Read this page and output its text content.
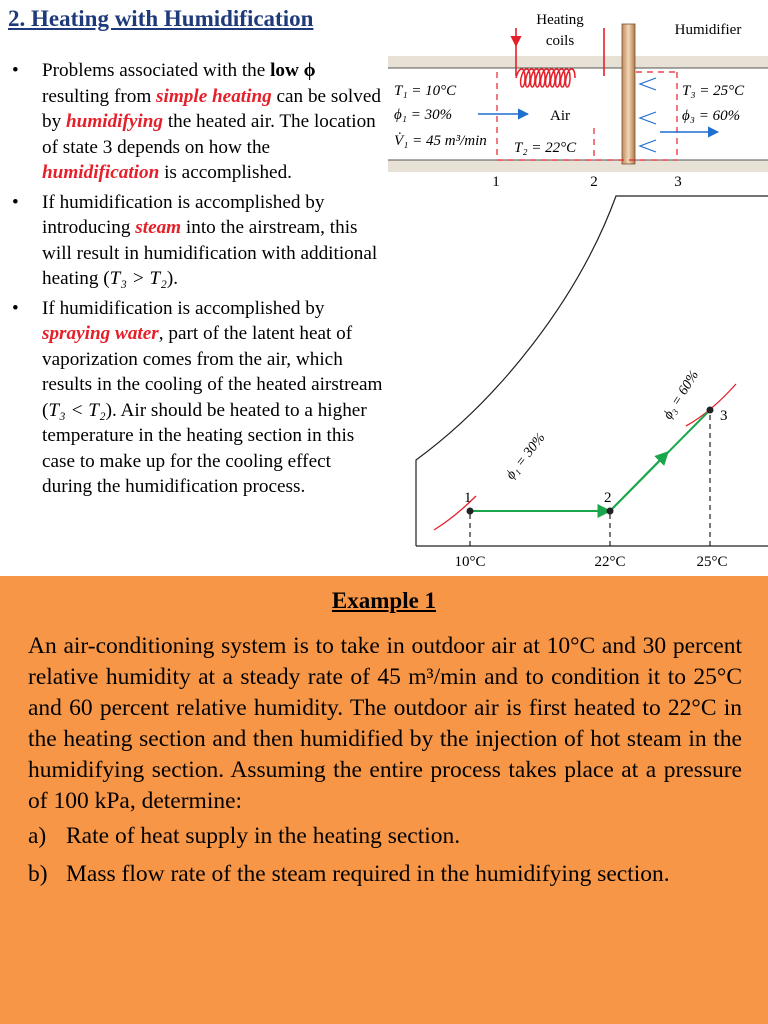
2. Heating with Humidification
• Problems associated with the low ϕ resulting from simple heating can be solved by humidifying the heated air. The location of state 3 depends on how the humidification is accomplished.
• If humidification is accomplished by introducing steam into the airstream, this will result in humidification with additional heating (T₃ > T₂).
• If humidification is accomplished by spraying water, part of the latent heat of vaporization comes from the air, which results in the cooling of the heated airstream (T₃ < T₂). Air should be heated to a higher temperature in the heating section in this case to make up for the cooling effect during the humidification process.
Heating
coils
Humidifier
T₁ = 10°C
ϕ₁ = 30%
V̇₁ = 45 m³/min
Air
T₂ = 22°C
T₃ = 25°C
ϕ₃ = 60%
1	2	3
ϕ₁ = 30%
ϕ₃ = 60%
1	2
3
10°C	22°C	25°C
Example 1

An air-conditioning system is to take in outdoor air at 10°C and 30 percent relative humidity at a steady rate of 45 m³/min and to condition it to 25°C and 60 percent relative humidity. The outdoor air is first heated to 22°C in the heating section and then humidified by the injection of hot steam in the humidifying section. Assuming the entire process takes place at a pressure of 100 kPa, determine:

a) Rate of heat supply in the heating section.
b) Mass flow rate of the steam required in the humidifying section.
